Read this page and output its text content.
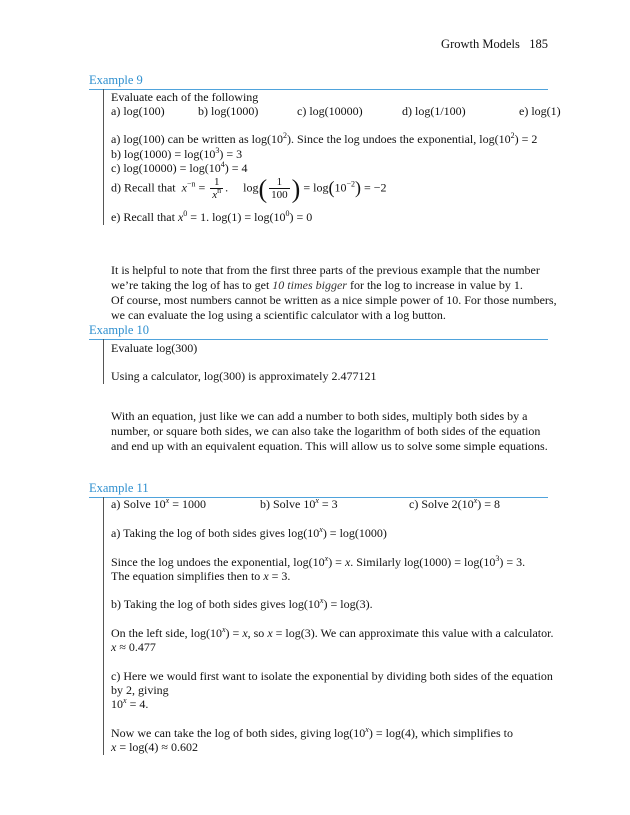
Growth Models 185
Example 9
Evaluate each of the following
a) log(100)	b) log(1000)	c) log(10000)	d) log(1/100)	e) log(1)
a) log(100) can be written as $\log(10^2)$. Since the log undoes the exponential, $\log(10^2) = 2$
b) $\log(1000) = \log(10^3) = 3$
c) $\log(10000) = \log(10^4) = 4$
d) Recall that $x^{-n} = \frac{1}{x^n}$ .     $\log( \frac{1}{100}$ ) = $\log(10^{-2}) = -2$
e) Recall that $x^0 = 1$. $\log(1) = \log(10^0) = 0$
It is helpful to note that from the first three parts of the previous example that the number
we’re taking the log of has to get 10 times bigger for the log to increase in value by 1.
Of course, most numbers cannot be written as a nice simple power of 10. For those numbers,
we can evaluate the log using a scientific calculator with a log button.
Example 10
Evaluate log(300)
Using a calculator, log(300) is approximately 2.477121
With an equation, just like we can add a number to both sides, multiply both sides by a
number, or square both sides, we can also take the logarithm of both sides of the equation
and end up with an equivalent equation. This will allow us to solve some simple equations.
Example 11
a) Solve $10^x = 1000$	b) Solve $10^x = 3$	c) Solve $2(10^x) = 8$
a) Taking the log of both sides gives $\log(10^x) = \log(1000)$
Since the log undoes the exponential, $\log(10^x) = x$. Similarly $\log(1000) = \log(10^3) = 3$.
The equation simplifies then to x = 3.
b) Taking the log of both sides gives $\log(10^x) = \log(3)$.
On the left side, $\log(10^x) = x$, so x = log(3). We can approximate this value with a calculator.
x ≈ 0.477
c) Here we would first want to isolate the exponential by dividing both sides of the equation
by 2, giving
$10^x = 4$.
Now we can take the log of both sides, giving $\log(10^x) = \log(4)$, which simplifies to
x = log(4) ≈ 0.602
